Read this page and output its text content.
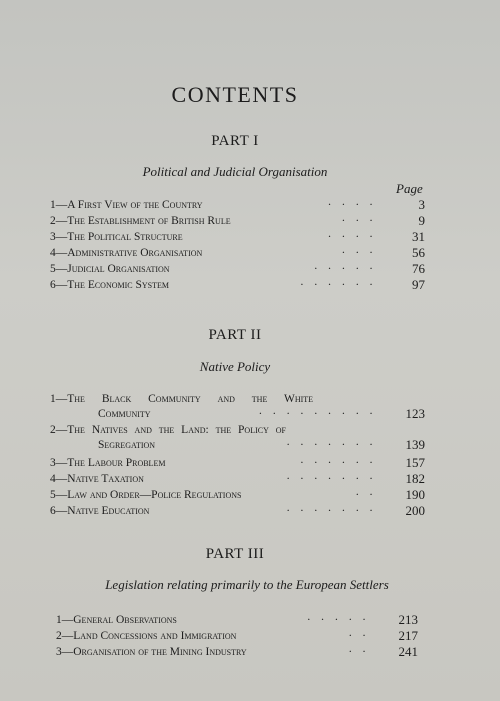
CONTENTS
PART I
Political and Judicial Organisation
Page
1—A First View of the Country	····	3
2—The Establishment of British Rule	···	9
3—The Political Structure	···· 31
4—Administrative Organisation	··· 56
5—Judicial Organisation	····· 76
6—The Economic System	······ 97
PART II
Native Policy
1—The Black Community and the White
Community	········· 123
2—The Natives and the Land: the Policy of
Segregation	······· 139
3—The Labour Problem	······ 157
4—Native Taxation	······· 182
5—Law and Order—Police Regulations	·· 190
6—Native Education	······· 200
PART III
Legislation relating primarily to the European Settlers
1—General Observations	····· 213
2—Land Concessions and Immigration	·· 217
3—Organisation of the Mining Industry	·· 241
